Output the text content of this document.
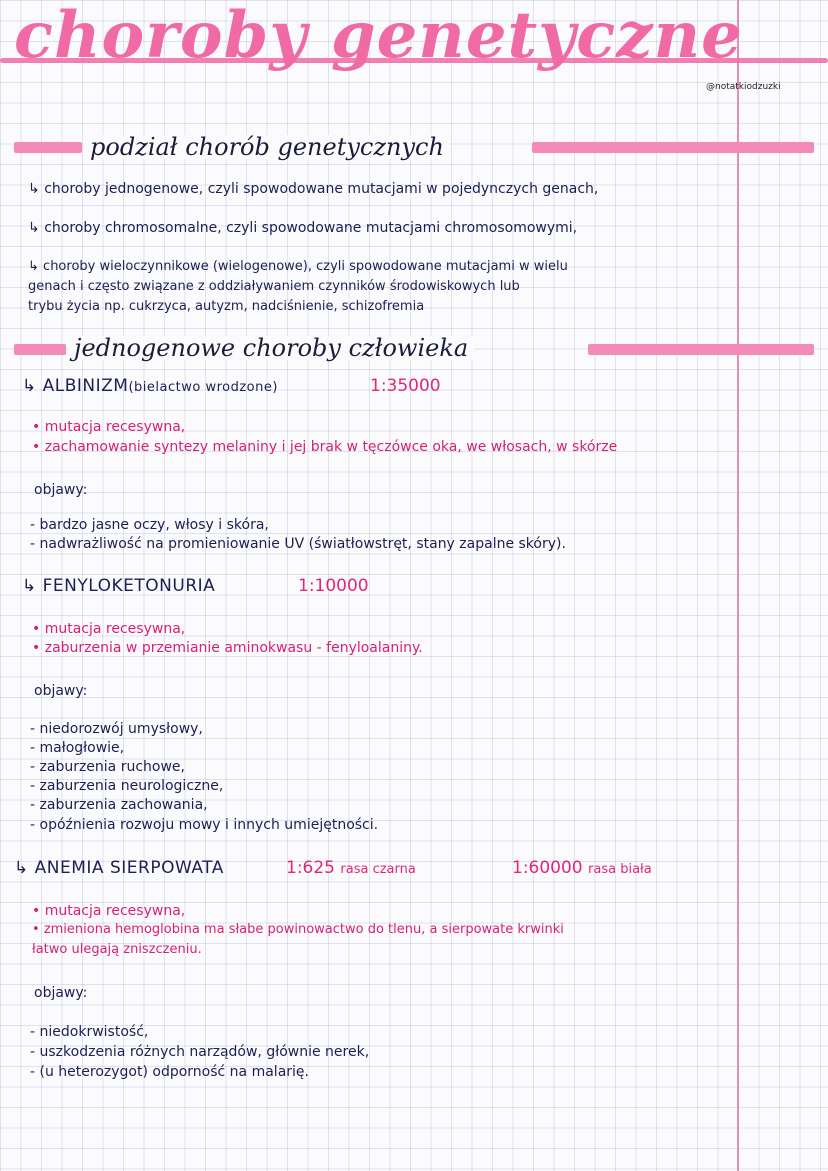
choroby genetyczne
@notatkiodzuzki
podział chorób genetycznych
↳ choroby jednogenowe, czyli spowodowane mutacjami w pojedynczych genach,
↳ choroby chromosomalne, czyli spowodowane mutacjami chromosomowymi,
↳ choroby wieloczynnikowe (wielogenowe), czyli spowodowane mutacjami w wielu
genach i często związane z oddziaływaniem czynników środowiskowych lub
trybu życia np. cukrzyca, autyzm, nadciśnienie, schizofremia
jednogenowe choroby człowieka
↳ ALBINIZM(bielactwo wrodzone)	1:35000
• mutacja recesywna,
• zachamowanie syntezy melaniny i jej brak w tęczówce oka, we włosach, w skórze
objawy:
- bardzo jasne oczy, włosy i skóra,
- nadwrażliwość na promieniowanie UV (światłowstręt, stany zapalne skóry).
↳ FENYLOKETONURIA	1:10000
• mutacja recesywna,
• zaburzenia w przemianie aminokwasu - fenyloalaniny.
objawy:
- niedorozwój umysłowy,
- małogłowie,
- zaburzenia ruchowe,
- zaburzenia neurologiczne,
- zaburzenia zachowania,
- opóźnienia rozwoju mowy i innych umiejętności.
↳ ANEMIA SIERPOWATA	1:625 rasa czarna	1:60000 rasa biała
• mutacja recesywna,
• zmieniona hemoglobina ma słabe powinowactwo do tlenu, a sierpowate krwinki
łatwo ulegają zniszczeniu.
objawy:
- niedokrwistość,
- uszkodzenia różnych narządów, głównie nerek,
- (u heterozygot) odporność na malarię.
